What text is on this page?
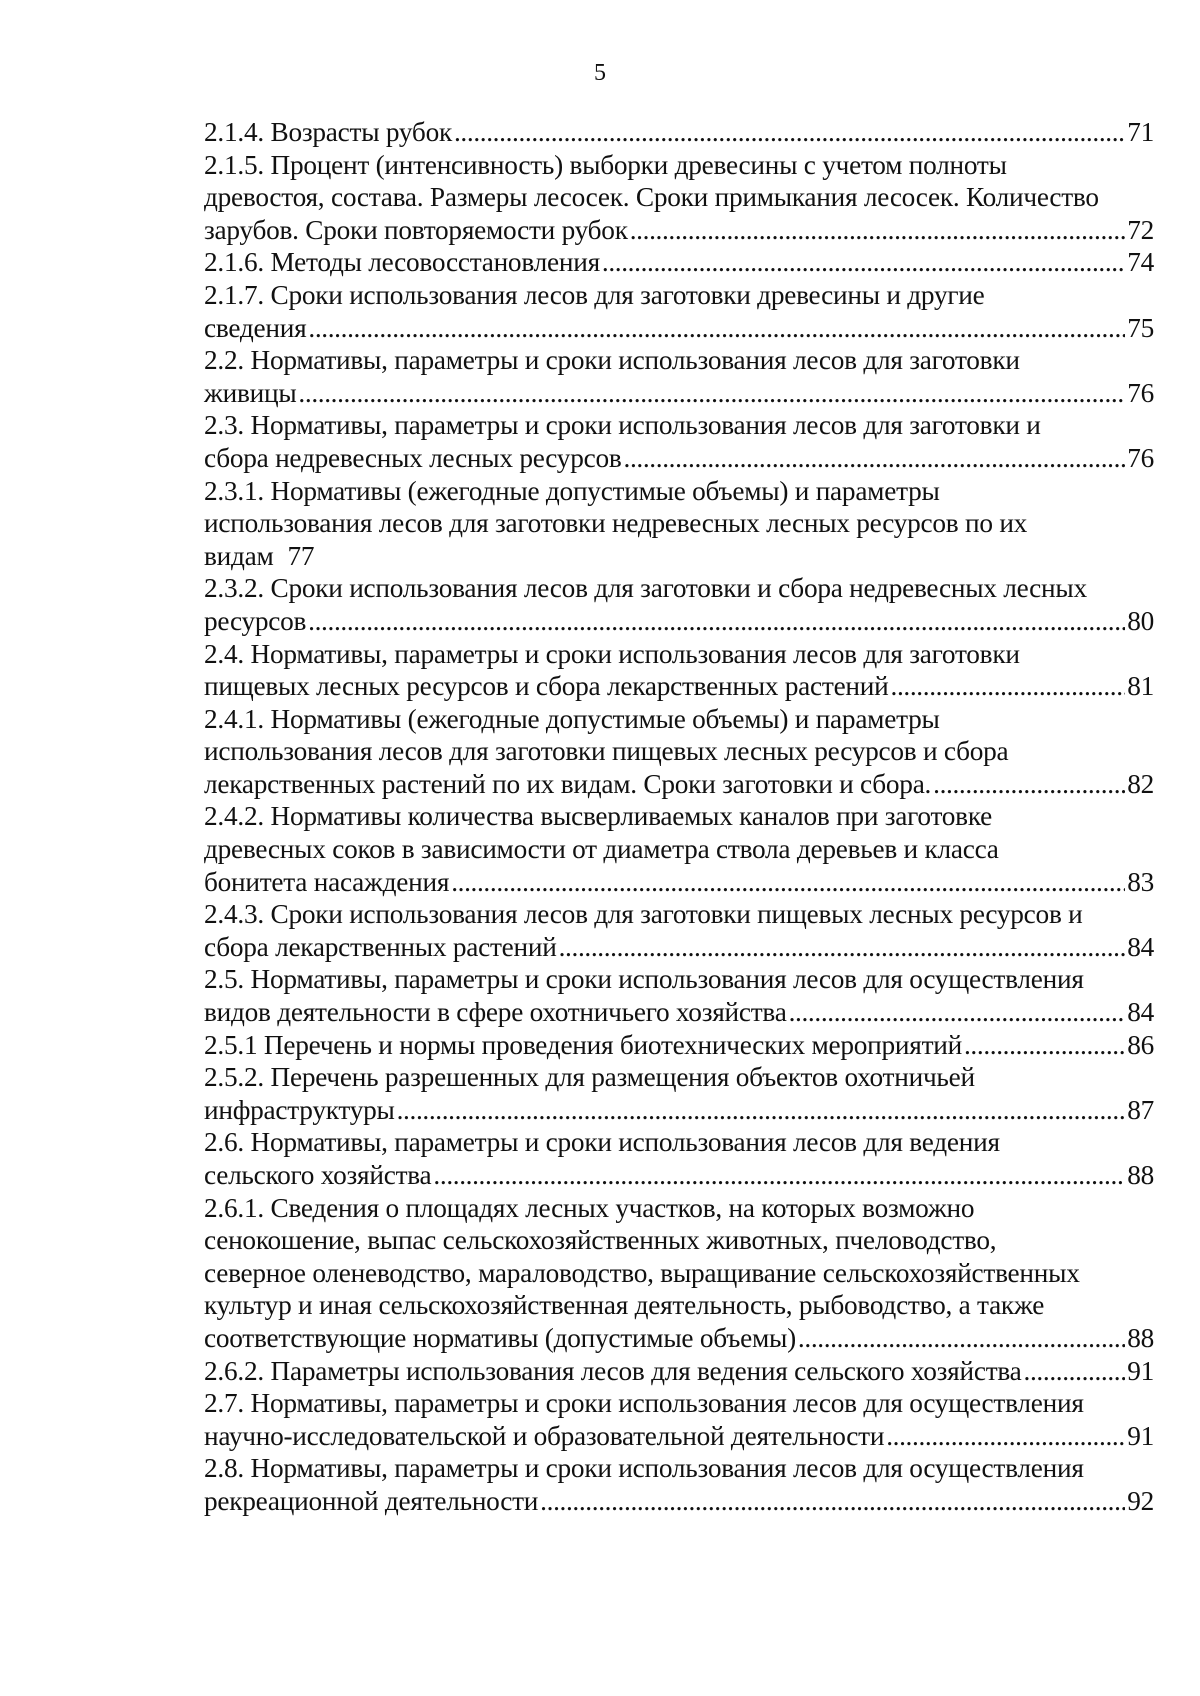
5
2.1.4. Возрасты рубок . . .	71
2.1.5. Процент (интенсивность) выборки древесины с учетом полноты
древостоя, состава. Размеры лесосек. Сроки примыкания лесосек. Количество
зарубов. Сроки повторяемости рубок . . .	72
2.1.6. Методы лесовосстановления . . .	74
2.1.7. Сроки использования лесов для заготовки древесины и другие
сведения . . .	75
2.2. Нормативы, параметры и сроки использования лесов для заготовки
живицы . . .	76
2.3. Нормативы, параметры и сроки использования лесов для заготовки и
сбора недревесных лесных ресурсов . . .	76
2.3.1. Нормативы (ежегодные допустимые объемы) и параметры
использования лесов для заготовки недревесных лесных ресурсов по их
видам 77
2.3.2. Сроки использования лесов для заготовки и сбора недревесных лесных
ресурсов . . .	80
2.4. Нормативы, параметры и сроки использования лесов для заготовки
пищевых лесных ресурсов и сбора лекарственных растений . . .	81
2.4.1. Нормативы (ежегодные допустимые объемы) и параметры
использования лесов для заготовки пищевых лесных ресурсов и сбора
лекарственных растений по их видам. Сроки заготовки и сбора. . . .	82
2.4.2. Нормативы количества высверливаемых каналов при заготовке
древесных соков в зависимости от диаметра ствола деревьев и класса
бонитета насаждения . . .	83
2.4.3. Сроки использования лесов для заготовки пищевых лесных ресурсов и
сбора лекарственных растений . . .	84
2.5. Нормативы, параметры и сроки использования лесов для осуществления
видов деятельности в сфере охотничьего хозяйства . . .	84
2.5.1 Перечень и нормы проведения биотехнических мероприятий . . .	86
2.5.2. Перечень разрешенных для размещения объектов охотничьей
инфраструктуры . . .	87
2.6. Нормативы, параметры и сроки использования лесов для ведения
сельского хозяйства . . .	88
2.6.1. Сведения о площадях лесных участков, на которых возможно
сенокошение, выпас сельскохозяйственных животных, пчеловодство,
северное оленеводство, мараловодство, выращивание сельскохозяйственных
культур и иная сельскохозяйственная деятельность, рыбоводство, а также
соответствующие нормативы (допустимые объемы) . . .	88
2.6.2. Параметры использования лесов для ведения сельского хозяйства . . .	91
2.7. Нормативы, параметры и сроки использования лесов для осуществления
научно-исследовательской и образовательной деятельности . . .	91
2.8. Нормативы, параметры и сроки использования лесов для осуществления
рекреационной деятельности . . .	92
